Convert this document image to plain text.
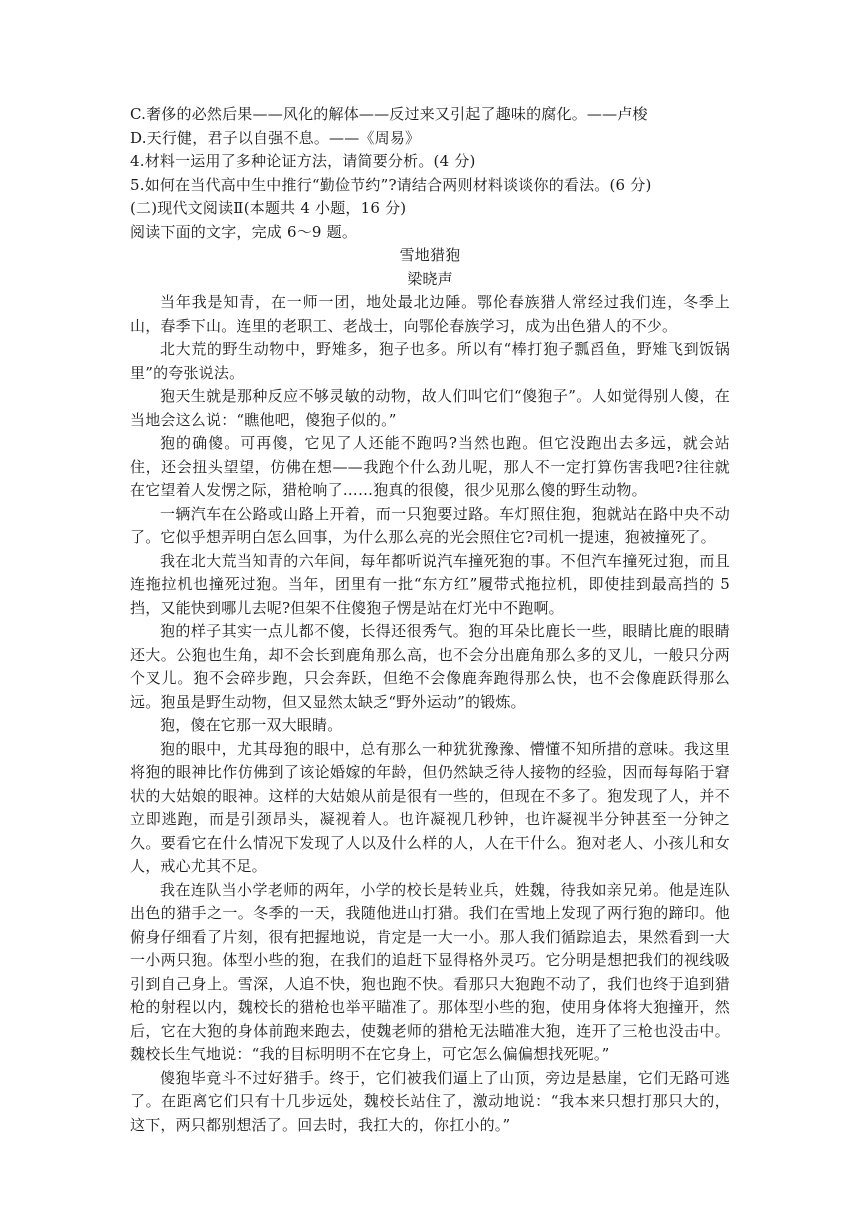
C.奢侈的必然后果——风化的解体——反过来又引起了趣味的腐化。——卢梭

D.天行健，君子以自强不息。——《周易》

4.材料一运用了多种论证方法，请简要分析。(4 分)

5.如何在当代高中生中推行“勤俭节约”?请结合两则材料谈谈你的看法。(6 分)

(二)现代文阅读Ⅱ(本题共 4 小题，16 分)

阅读下面的文字，完成 6～9 题。

雪地猎狍

梁晓声

当年我是知青，在一师一团，地处最北边陲。鄂伦春族猎人常经过我们连，冬季上山，春季下山。连里的老职工、老战士，向鄂伦春族学习，成为出色猎人的不少。

北大荒的野生动物中，野雉多，狍子也多。所以有“棒打狍子瓢舀鱼，野雉飞到饭锅里”的夸张说法。

狍天生就是那种反应不够灵敏的动物，故人们叫它们“傻狍子”。人如觉得别人傻，在当地会这么说：“瞧他吧，傻狍子似的。”

狍的确傻。可再傻，它见了人还能不跑吗?当然也跑。但它没跑出去多远，就会站住，还会扭头望望，仿佛在想——我跑个什么劲儿呢，那人不一定打算伤害我吧?往往就在它望着人发愣之际，猎枪响了……狍真的很傻，很少见那么傻的野生动物。

一辆汽车在公路或山路上开着，而一只狍要过路。车灯照住狍，狍就站在路中央不动了。它似乎想弄明白怎么回事，为什么那么亮的光会照住它?司机一提速，狍被撞死了。

我在北大荒当知青的六年间，每年都听说汽车撞死狍的事。不但汽车撞死过狍，而且连拖拉机也撞死过狍。当年，团里有一批“东方红”履带式拖拉机，即使挂到最高挡的 5 挡，又能快到哪儿去呢?但架不住傻狍子愣是站在灯光中不跑啊。

狍的样子其实一点儿都不傻，长得还很秀气。狍的耳朵比鹿长一些，眼睛比鹿的眼睛还大。公狍也生角，却不会长到鹿角那么高，也不会分出鹿角那么多的叉儿，一般只分两个叉儿。狍不会碎步跑，只会奔跃，但绝不会像鹿奔跑得那么快，也不会像鹿跃得那么远。狍虽是野生动物，但又显然太缺乏“野外运动”的锻炼。

狍，傻在它那一双大眼睛。

狍的眼中，尤其母狍的眼中，总有那么一种犹犹豫豫、懵懂不知所措的意味。我这里将狍的眼神比作仿佛到了该论婚嫁的年龄，但仍然缺乏待人接物的经验，因而每每陷于窘状的大姑娘的眼神。这样的大姑娘从前是很有一些的，但现在不多了。狍发现了人，并不立即逃跑，而是引颈昂头，凝视着人。也许凝视几秒钟，也许凝视半分钟甚至一分钟之久。要看它在什么情况下发现了人以及什么样的人，人在干什么。狍对老人、小孩儿和女人，戒心尤其不足。

我在连队当小学老师的两年，小学的校长是转业兵，姓魏，待我如亲兄弟。他是连队出色的猎手之一。冬季的一天，我随他进山打猎。我们在雪地上发现了两行狍的蹄印。他俯身仔细看了片刻，很有把握地说，肯定是一大一小。那人我们循踪追去，果然看到一大一小两只狍。体型小些的狍，在我们的追赶下显得格外灵巧。它分明是想把我们的视线吸引到自己身上。雪深，人追不快，狍也跑不快。看那只大狍跑不动了，我们也终于追到猎枪的射程以内，魏校长的猎枪也举平瞄准了。那体型小些的狍，使用身体将大狍撞开，然后，它在大狍的身体前跑来跑去，使魏老师的猎枪无法瞄准大狍，连开了三枪也没击中。魏校长生气地说：“我的目标明明不在它身上，可它怎么偏偏想找死呢。”

傻狍毕竟斗不过好猎手。终于，它们被我们逼上了山顶，旁边是悬崖，它们无路可逃了。在距离它们只有十几步远处，魏校长站住了，激动地说：“我本来只想打那只大的，这下，两只都别想活了。回去时，我扛大的，你扛小的。”
